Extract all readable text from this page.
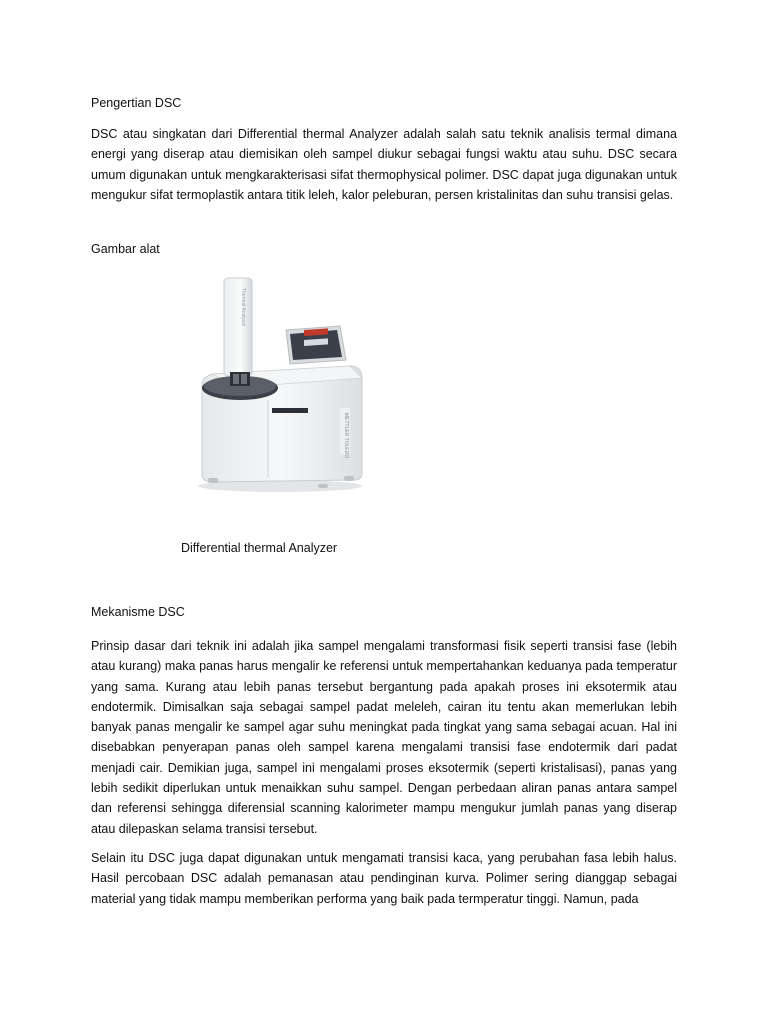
Pengertian DSC
DSC atau singkatan dari Differential thermal Analyzer adalah salah satu teknik analisis termal dimana energi yang diserap atau diemisikan oleh sampel diukur sebagai fungsi waktu atau suhu. DSC secara umum digunakan untuk mengkarakterisasi sifat thermophysical polimer. DSC dapat juga digunakan untuk mengukur sifat termoplastik antara titik leleh, kalor peleburan, persen kristalinitas dan suhu transisi gelas.
Gambar alat
Mekanisme DSC
Prinsip dasar dari teknik ini adalah jika sampel mengalami transformasi fisik seperti transisi fase (lebih atau kurang) maka panas harus mengalir ke referensi untuk mempertahankan keduanya pada temperatur yang sama. Kurang atau lebih panas tersebut bergantung pada apakah proses ini eksotermik atau endotermik. Dimisalkan saja sebagai sampel padat meleleh, cairan itu tentu akan memerlukan lebih banyak panas mengalir ke sampel agar suhu meningkat pada tingkat yang sama sebagai acuan. Hal ini disebabkan penyerapan panas oleh sampel karena mengalami transisi fase endotermik dari padat menjadi cair. Demikian juga, sampel ini mengalami proses eksotermik (seperti kristalisasi), panas yang lebih sedikit diperlukan untuk menaikkan suhu sampel. Dengan perbedaan aliran panas antara sampel dan referensi sehingga diferensial scanning kalorimeter mampu mengukur jumlah panas yang diserap atau dilepaskan selama transisi tersebut.
Selain itu DSC juga dapat digunakan untuk mengamati transisi kaca, yang perubahan fasa lebih halus. Hasil percobaan DSC adalah pemanasan atau pendinginan kurva. Polimer sering dianggap sebagai material yang tidak mampu memberikan performa yang baik pada termperatur tinggi. Namun, pada
METTLER TOLEDO
Thermal Analysis
Differential thermal Analyzer
